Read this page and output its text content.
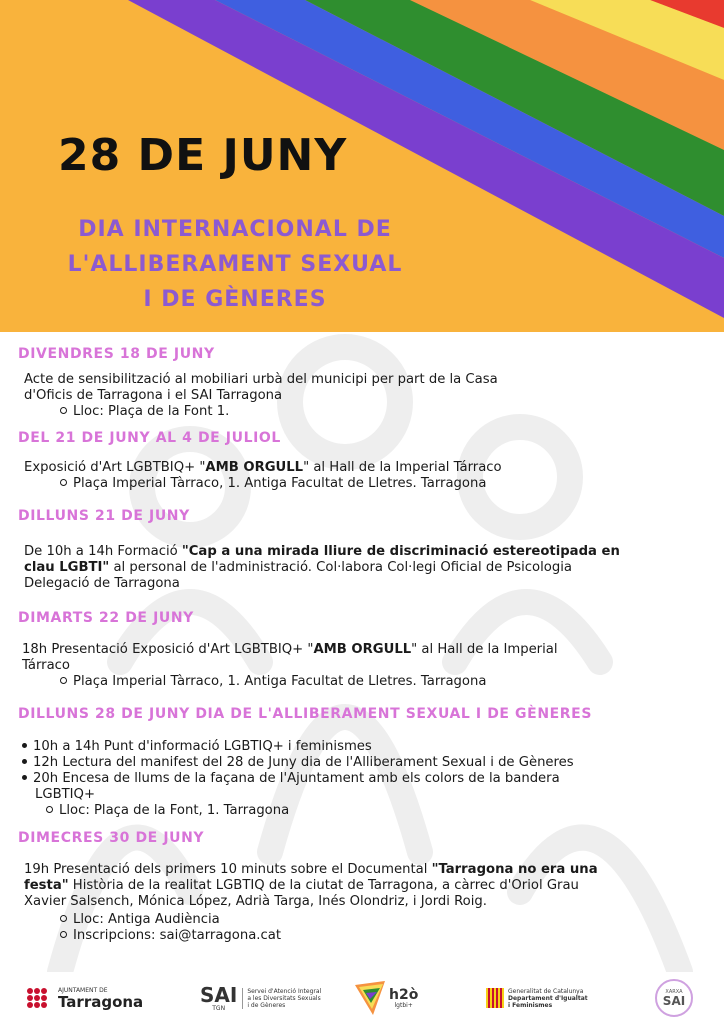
28 DE JUNY
DIA INTERNACIONAL DE
L'ALLIBERAMENT SEXUAL
I DE GÈNERES
DIVENDRES 18 DE JUNY
Acte de sensibilització al mobiliari urbà del municipi per part de la Casa
d'Oficis de Tarragona i el SAI Tarragona
Lloc: Plaça de la Font 1.
DEL 21 DE JUNY AL 4 DE JULIOL
Exposició d'Art LGBTBIQ+ "AMB ORGULL" al Hall de la Imperial Tárraco
Plaça Imperial Tàrraco, 1. Antiga Facultat de Lletres. Tarragona
DILLUNS 21 DE JUNY
De 10h a 14h Formació "Cap a una mirada lliure de discriminació estereotipada en
clau LGBTI" al personal de l'administració. Col·labora Col·legi Oficial de Psicologia
Delegació de Tarragona
DIMARTS 22 DE JUNY
18h Presentació Exposició d'Art LGBTBIQ+ "AMB ORGULL" al Hall de la Imperial
Tárraco
Plaça Imperial Tàrraco, 1. Antiga Facultat de Lletres. Tarragona
DILLUNS 28 DE JUNY DIA DE L'ALLIBERAMENT SEXUAL I DE GÈNERES
10h a 14h Punt d'informació LGBTIQ+ i feminismes
12h Lectura del manifest del 28 de Juny dia de l'Alliberament Sexual i de Gèneres
20h Encesa de llums de la façana de l'Ajuntament amb els colors de la bandera
LGBTIQ+
Lloc: Plaça de la Font, 1. Tarragona
DIMECRES 30 DE JUNY
19h Presentació dels primers 10 minuts sobre el Documental "Tarragona no era una
festa" Història de la realitat LGBTIQ de la ciutat de Tarragona, a càrrec d'Oriol Grau
Xavier Salsench, Mónica López, Adrià Targa, Inés Olondriz, i Jordi Roig.
Lloc: Antiga Audiència
Inscripcions: sai@tarragona.cat
AJUNTAMENT DE
Tarragona	SAI
TGN
Servei d'Atenció Integral
a les Diversitats Sexuals
i de Gèneres
h2ò
lgtbi+
Generalitat de Catalunya
Departament d'Igualtat
i Feminismes
XARXA
SAI
